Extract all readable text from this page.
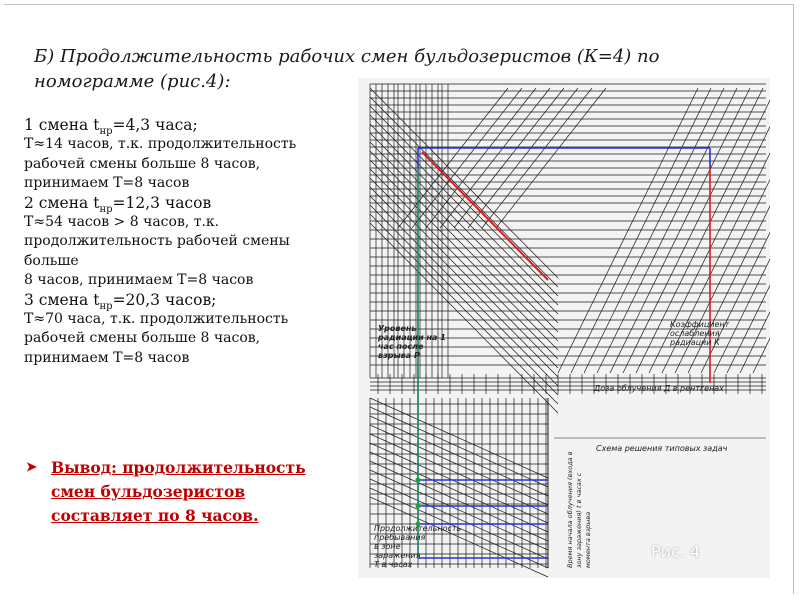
Б) Продолжительность рабочих смен бульдозеристов (К=4) по номограмме (рис.4):
1 смена $t_{нр}=4,3$ часа;
Т≈14 часов, т.к. продолжительность
рабочей смены больше 8 часов,
принимаем Т=8 часов
2 смена $t_{нр}=12,3$ часов
Т≈54 часов > 8 часов, т.к.
продолжительность рабочей смены
больше
8 часов, принимаем Т=8 часов
3 смена $t_{нр}=20,3$ часов;
Т≈70 часа, т.к. продолжительность
рабочей смены больше 8 часов,
принимаем Т=8 часов
➤ Вывод: продолжительность смен бульдозеристов составляет по 8 часов.
Уровень радиации на 1 час после взрыва Р
Коэффициент ослабления радиации К
Доза облучения Д в рентгенах
Схема решения типовых задач
Продолжительность пребывания в зоне заражения Т в часах	Время начала облучения (входа в зону заражения) t в часах с момента взрыва	Рис. 4
